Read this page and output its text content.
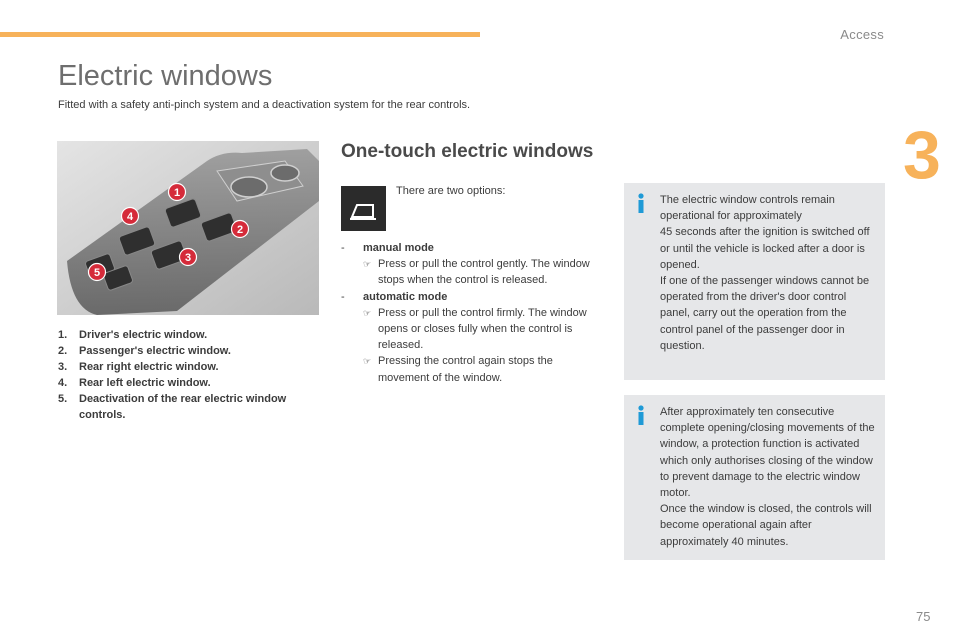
Access
3
Electric windows
Fitted with a safety anti-pinch system and a deactivation system for the rear controls.
1
2
3
4
5
1.	Driver's electric window.
2.	Passenger's electric window.
3.	Rear right electric window.
4.	Rear left electric window.
5.	Deactivation of the rear electric window controls.
One-touch electric windows
There are two options:
-	manual mode
☞ Press or pull the control gently. The window stops when the control is released.
-	automatic mode
☞ Press or pull the control firmly. The window opens or closes fully when the control is released.
☞ Pressing the control again stops the movement of the window.

The electric window controls remain operational for approximately
45 seconds after the ignition is switched off or until the vehicle is locked after a door is opened.
If one of the passenger windows cannot be operated from the driver's door control panel, carry out the operation from the control panel of the passenger door in question.

After approximately ten consecutive complete opening/closing movements of the window, a protection function is activated which only authorises closing of the window to prevent damage to the electric window motor.
Once the window is closed, the controls will become operational again after approximately 40 minutes.

75
